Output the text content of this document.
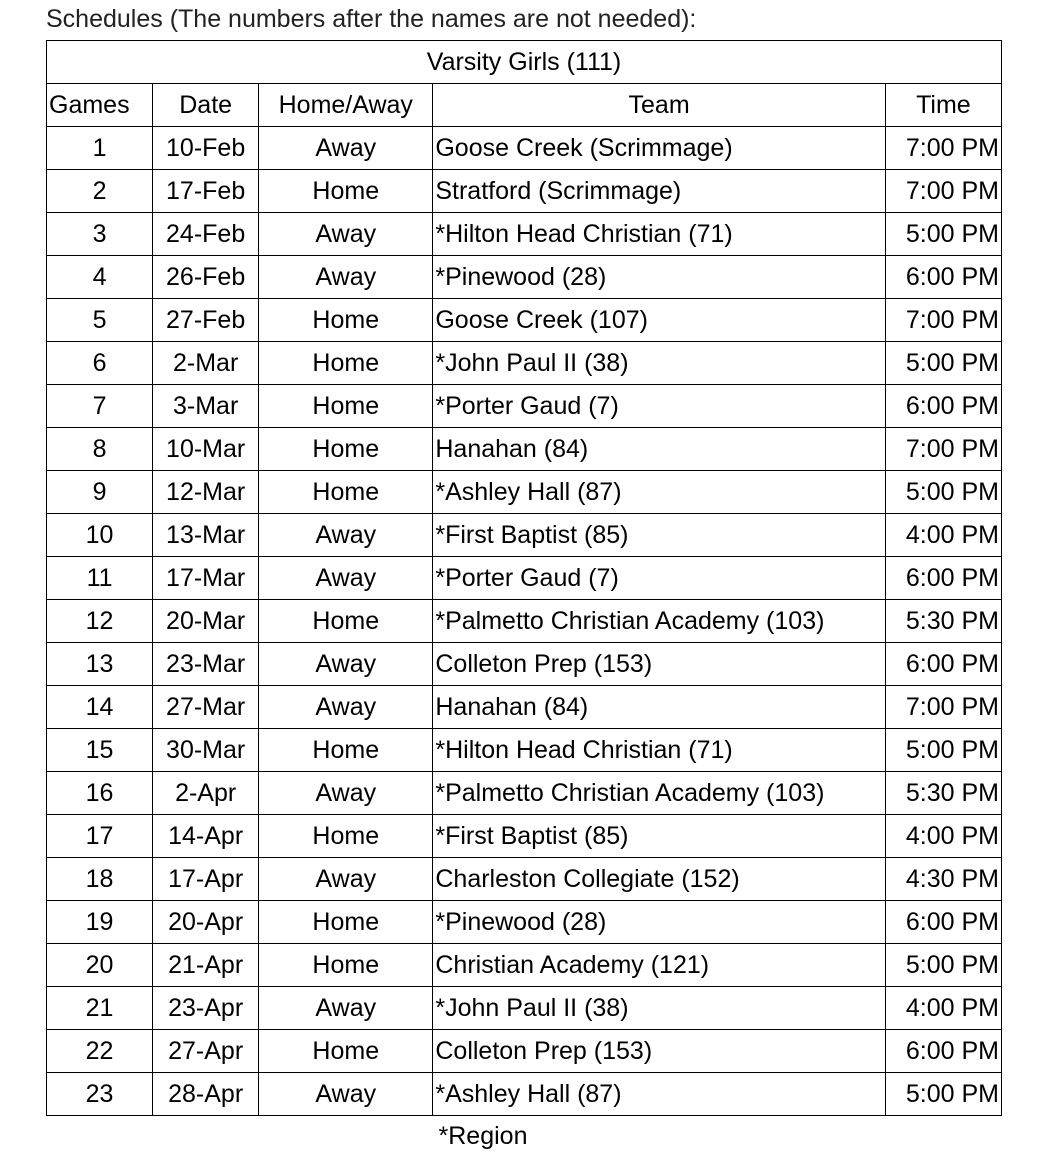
Schedules (The numbers after the names are not needed):
Varsity Girls (111)				
Games	Date	Home/Away	Team	Time
1	10-Feb	Away	Goose Creek (Scrimmage)	7:00 PM
2	17-Feb	Home	Stratford (Scrimmage)	7:00 PM
3	24-Feb	Away	*Hilton Head Christian (71)	5:00 PM
4	26-Feb	Away	*Pinewood (28)	6:00 PM
5	27-Feb	Home	Goose Creek (107)	7:00 PM
6	2-Mar	Home	*John Paul II (38)	5:00 PM
7	3-Mar	Home	*Porter Gaud (7)	6:00 PM
8	10-Mar	Home	Hanahan (84)	7:00 PM
9	12-Mar	Home	*Ashley Hall (87)	5:00 PM
10	13-Mar	Away	*First Baptist (85)	4:00 PM
11	17-Mar	Away	*Porter Gaud (7)	6:00 PM
12	20-Mar	Home	*Palmetto Christian Academy (103)	5:30 PM
13	23-Mar	Away	Colleton Prep (153)	6:00 PM
14	27-Mar	Away	Hanahan (84)	7:00 PM
15	30-Mar	Home	*Hilton Head Christian (71)	5:00 PM
16	2-Apr	Away	*Palmetto Christian Academy (103)	5:30 PM
17	14-Apr	Home	*First Baptist (85)	4:00 PM
18	17-Apr	Away	Charleston Collegiate (152)	4:30 PM
19	20-Apr	Home	*Pinewood (28)	6:00 PM
20	21-Apr	Home	Christian Academy (121)	5:00 PM
21	23-Apr	Away	*John Paul II (38)	4:00 PM
22	27-Apr	Home	Colleton Prep (153)	6:00 PM
23	28-Apr	Away	*Ashley Hall (87)	5:00 PM
*Region
